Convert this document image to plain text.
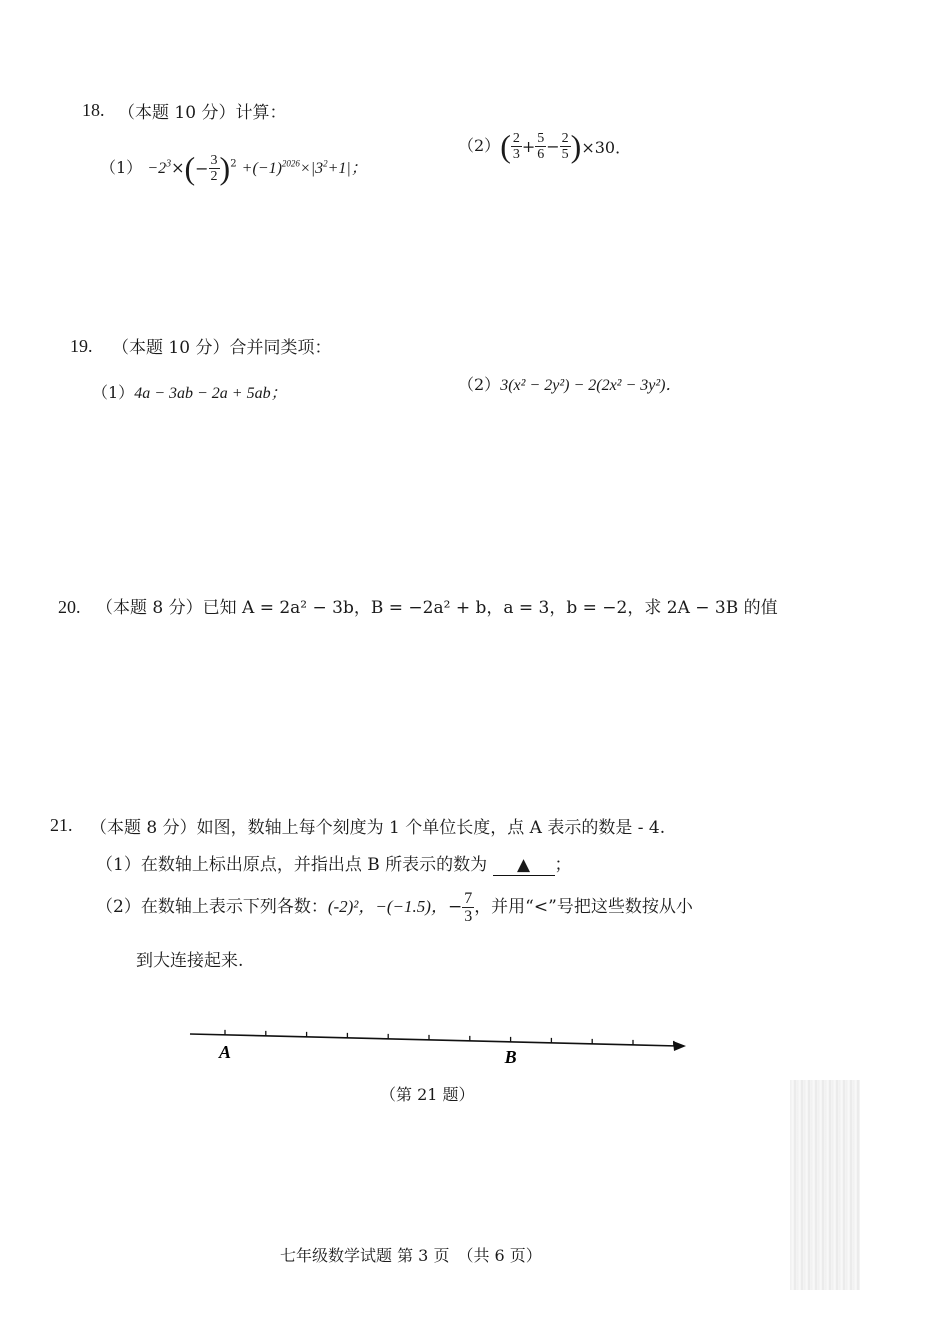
18. （本题 10 分）计算：
$(1) -2^3\times(- \frac{3}{2} )^2 +(-1)^{2026}\times|3^2+1|$；
$(2)( \frac{2}{3} + \frac{5}{6} - \frac{2}{5} )\times 30$．
19. （本题 10 分）合并同类项：
（1）4a − 3ab − 2a + 5ab；	（2）3(x² − 2y²) − 2(2x² − 3y²)．
20. （本题 8 分）已知 A = 2a² − 3b，B = −2a² + b，a = 3，b = −2，求 2A − 3B 的值
21. （本题 8 分）如图，数轴上每个刻度为 1 个单位长度，点 A 表示的数是 - 4.
（1）在数轴上标出原点，并指出点 B 所表示的数为 ▲ ；
（2）在数轴上表示下列各数：(-2)²，−(−1.5)，− $\frac{7}{3}$ ，并用“<”号把这些数按从小
到大连接起来.
A	B
（第 21 题）
七年级数学试题 第 3 页　（共 6 页）
